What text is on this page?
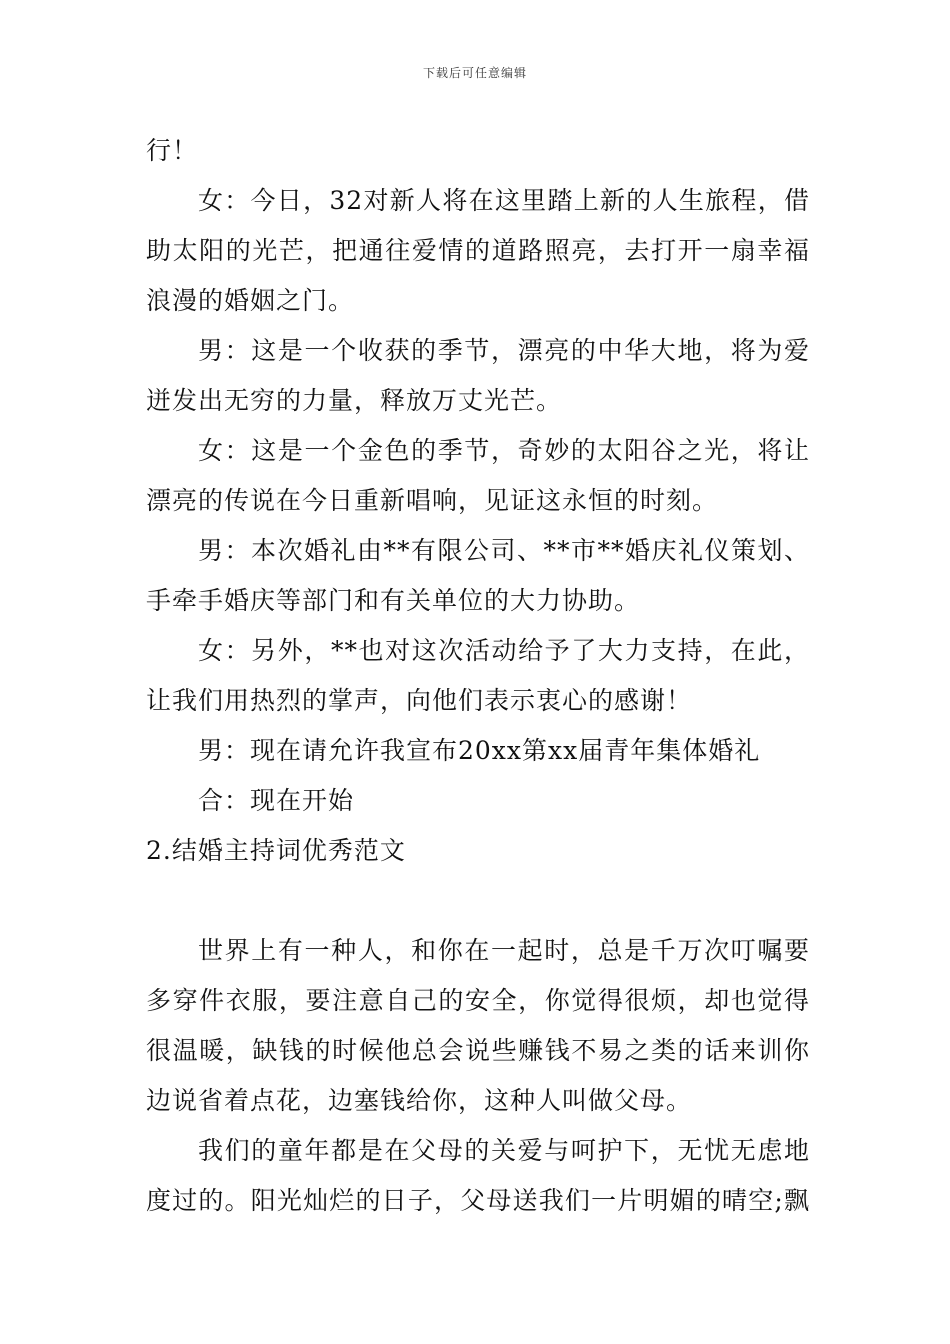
下载后可任意编辑
行！
女：今日，32对新人将在这里踏上新的人生旅程，借
助太阳的光芒，把通往爱情的道路照亮，去打开一扇幸福
浪漫的婚姻之门。
男：这是一个收获的季节，漂亮的中华大地，将为爱
迸发出无穷的力量，释放万丈光芒。
女：这是一个金色的季节，奇妙的太阳谷之光，将让
漂亮的传说在今日重新唱响，见证这永恒的时刻。
男：本次婚礼由**有限公司、**市**婚庆礼仪策划、
手牵手婚庆等部门和有关单位的大力协助。
女：另外，**也对这次活动给予了大力支持，在此，
让我们用热烈的掌声，向他们表示衷心的感谢！
男：现在请允许我宣布20xx第xx届青年集体婚礼
合：现在开始
2.结婚主持词优秀范文
世界上有一种人，和你在一起时，总是千万次叮嘱要
多穿件衣服，要注意自己的安全，你觉得很烦，却也觉得
很温暖，缺钱的时候他总会说些赚钱不易之类的话来训你
边说省着点花，边塞钱给你，这种人叫做父母。
我们的童年都是在父母的关爱与呵护下，无忧无虑地
度过的。阳光灿烂的日子，父母送我们一片明媚的晴空;飘
